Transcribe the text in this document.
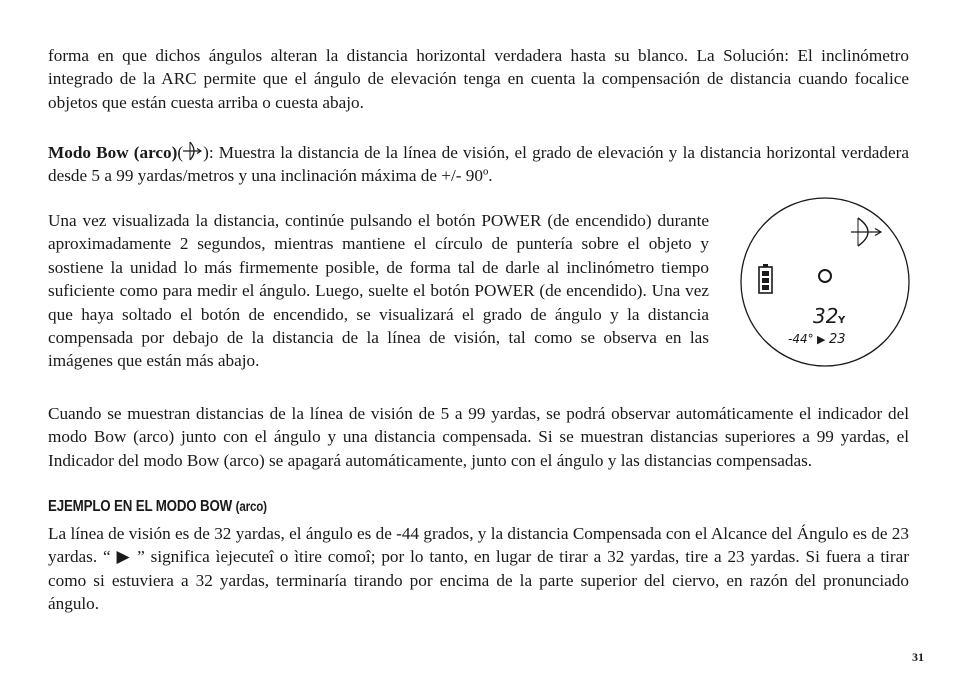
forma en que dichos ángulos alteran la distancia horizontal verdadera hasta su blanco. La Solución: El inclinómetro integrado de la ARC permite que el ángulo de elevación tenga en cuenta la compensación de distancia cuando focalice objetos que están cuesta arriba o cuesta abajo.

Modo Bow (arco)( ): Muestra la distancia de la línea de visión, el grado de elevación y la distancia horizontal verdadera desde 5 a 99 yardas/metros y una inclinación máxima de +/- 90º.

Una vez visualizada la distancia, continúe pulsando el botón POWER (de encendido) durante aproximadamente 2 segundos, mientras mantiene el círculo de puntería sobre el objeto y sostiene la unidad lo más firmemente posible, de forma tal de darle al inclinómetro tiempo suficiente como para medir el ángulo. Luego, suelte el botón POWER (de encendido). Una vez que haya soltado el botón de encendido, se visualizará el grado de ángulo y la distancia compensada por debajo de la distancia de la línea de visión, tal como se observa en las imágenes que están más abajo.

32 Y
-44° ▶ 23

Cuando se muestran distancias de la línea de visión de 5 a 99 yardas, se podrá observar automáticamente el indicador del modo Bow (arco) junto con el ángulo y una distancia compensada. Si se muestran distancias superiores a 99 yardas, el Indicador del modo Bow (arco) se apagará automáticamente, junto con el ángulo y las distancias compensadas.

EJEMPLO EN EL MODO BOW (arco)

La línea de visión es de 32 yardas, el ángulo es de -44 grados, y la distancia Compensada con el Alcance del Ángulo es de 23 yardas. “ ▶ ” significa ìejecuteî o ìtire comoî; por lo tanto, en lugar de tirar a 32 yardas, tire a 23 yardas. Si fuera a tirar como si estuviera a 32 yardas, terminaría tirando por encima de la parte superior del ciervo, en razón del pronunciado ángulo.

31
